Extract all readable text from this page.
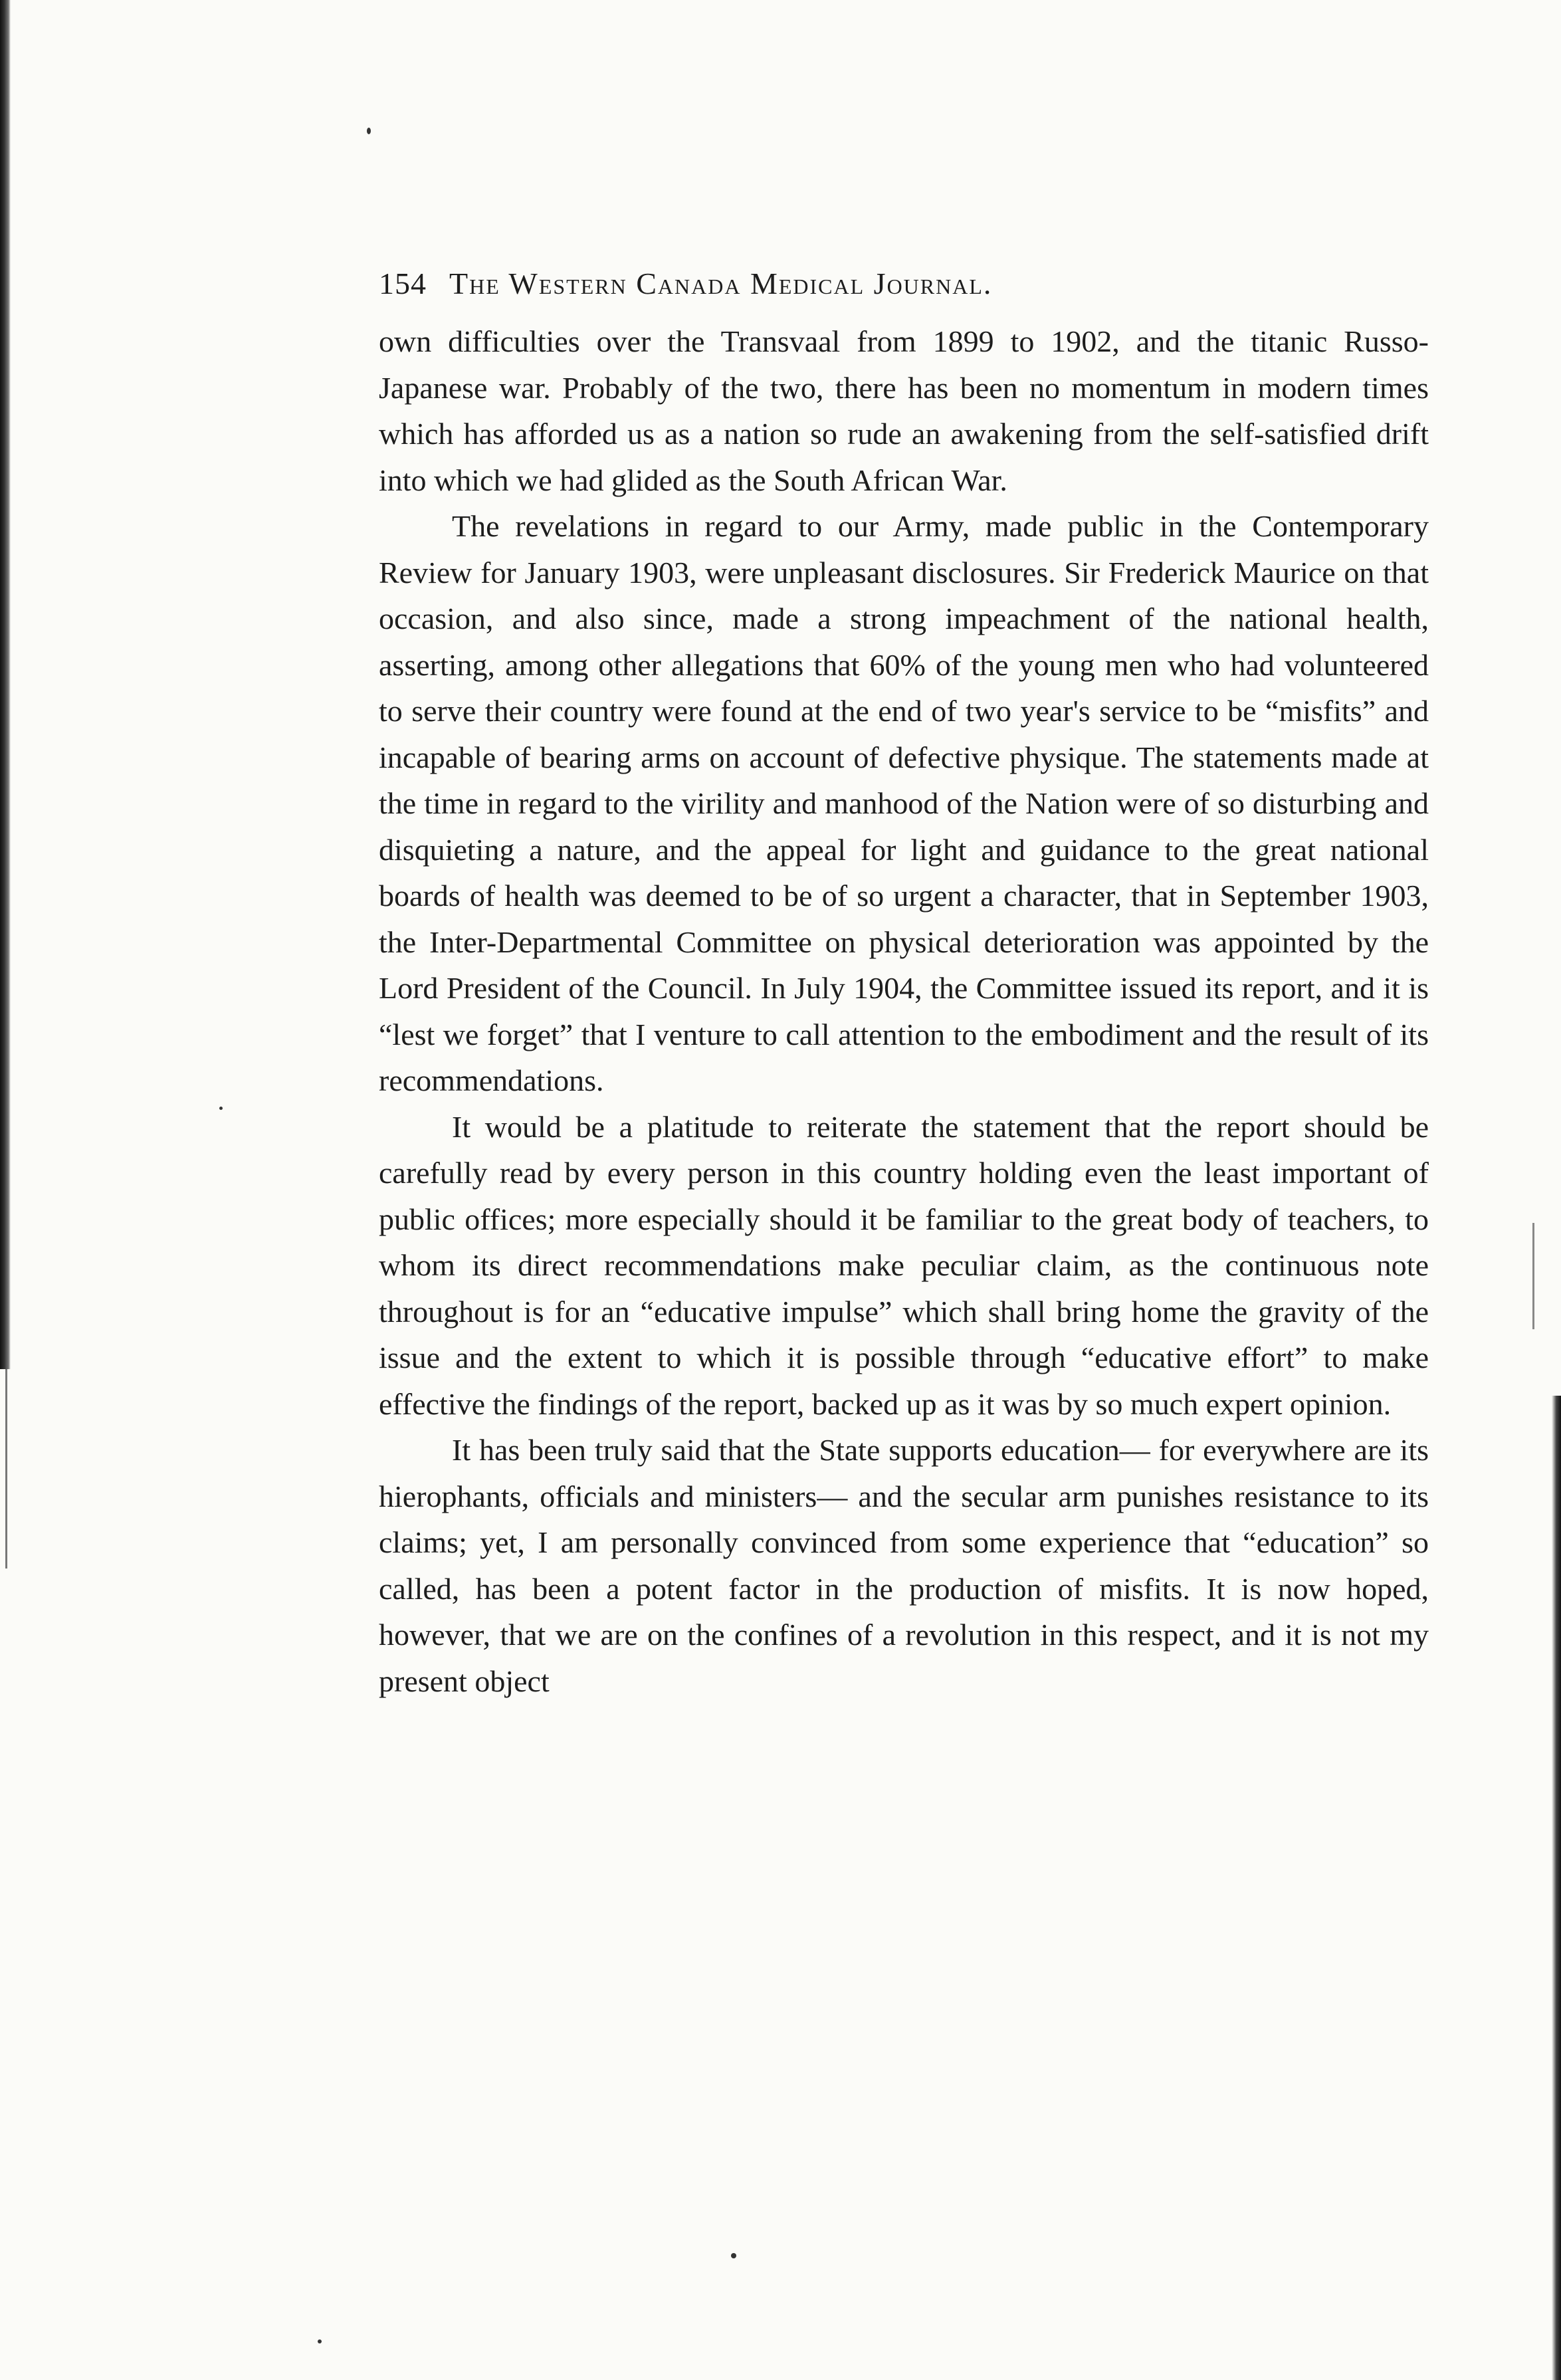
154 The Western Canada Medical Journal.

own difficulties over the Transvaal from 1899 to 1902, and the titanic Russo-Japanese war. Probably of the two, there has been no momentum in modern times which has afforded us as a nation so rude an awakening from the self-satisfied drift into which we had glided as the South African War.

The revelations in regard to our Army, made public in the Contemporary Review for January 1903, were unpleasant disclosures. Sir Frederick Maurice on that occasion, and also since, made a strong impeachment of the national health, asserting, among other allegations that 60% of the young men who had volunteered to serve their country were found at the end of two year's service to be “misfits” and incapable of bearing arms on account of defective physique. The statements made at the time in regard to the virility and manhood of the Nation were of so disturbing and disquieting a nature, and the appeal for light and guidance to the great national boards of health was deemed to be of so urgent a character, that in September 1903, the Inter-Departmental Committee on physical deterioration was appointed by the Lord President of the Council. In July 1904, the Committee issued its report, and it is “lest we forget” that I venture to call attention to the embodiment and the result of its recommendations.

It would be a platitude to reiterate the statement that the report should be carefully read by every person in this country holding even the least important of public offices; more especially should it be familiar to the great body of teachers, to whom its direct recommendations make peculiar claim, as the continuous note throughout is for an “educative impulse” which shall bring home the gravity of the issue and the extent to which it is possible through “educative effort” to make effective the findings of the report, backed up as it was by so much expert opinion.

It has been truly said that the State supports education— for everywhere are its hierophants, officials and ministers— and the secular arm punishes resistance to its claims; yet, I am personally convinced from some experience that “education” so called, has been a potent factor in the production of misfits. It is now hoped, however, that we are on the confines of a revolution in this respect, and it is not my present object
